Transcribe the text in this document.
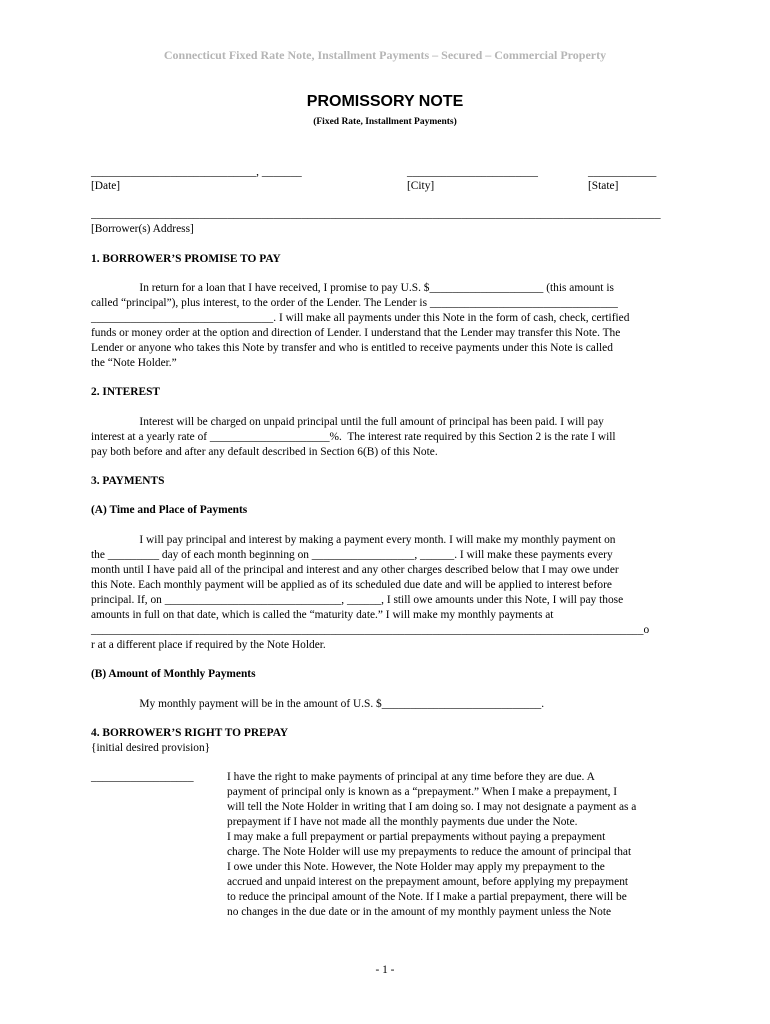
Connecticut Fixed Rate Note, Installment Payments – Secured – Commercial Property
PROMISSORY NOTE
(Fixed Rate, Installment Payments)
_____________________________, _______	_______________________	____________
[Date]	[City]	[State]
____________________________________________________________________________________________________
[Borrower(s) Address]
1. BORROWER’S PROMISE TO PAY
In return for a loan that I have received, I promise to pay U.S. $____________________ (this amount is
called “principal”), plus interest, to the order of the Lender. The Lender is _________________________________
________________________________. I will make all payments under this Note in the form of cash, check, certified
funds or money order at the option and direction of Lender. I understand that the Lender may transfer this Note. The
Lender or anyone who takes this Note by transfer and who is entitled to receive payments under this Note is called
the “Note Holder.”
2. INTEREST
Interest will be charged on unpaid principal until the full amount of principal has been paid. I will pay
interest at a yearly rate of _____________________%.  The interest rate required by this Section 2 is the rate I will
pay both before and after any default described in Section 6(B) of this Note.
3. PAYMENTS
(A) Time and Place of Payments
I will pay principal and interest by making a payment every month. I will make my monthly payment on
the _________ day of each month beginning on __________________, ______. I will make these payments every
month until I have paid all of the principal and interest and any other charges described below that I may owe under
this Note. Each monthly payment will be applied as of its scheduled due date and will be applied to interest before
principal. If, on _______________________________, ______, I still owe amounts under this Note, I will pay those
amounts in full on that date, which is called the “maturity date.” I will make my monthly payments at
_________________________________________________________________________________________________o
r at a different place if required by the Note Holder.
(B) Amount of Monthly Payments
My monthly payment will be in the amount of U.S. $____________________________.
4. BORROWER’S RIGHT TO PREPAY
{initial desired provision}
__________________	I have the right to make payments of principal at any time before they are due. A
payment of principal only is known as a “prepayment.” When I make a prepayment, I
will tell the Note Holder in writing that I am doing so. I may not designate a payment as a
prepayment if I have not made all the monthly payments due under the Note.
I may make a full prepayment or partial prepayments without paying a prepayment
charge. The Note Holder will use my prepayments to reduce the amount of principal that
I owe under this Note. However, the Note Holder may apply my prepayment to the
accrued and unpaid interest on the prepayment amount, before applying my prepayment
to reduce the principal amount of the Note. If I make a partial prepayment, there will be
no changes in the due date or in the amount of my monthly payment unless the Note
- 1 -
